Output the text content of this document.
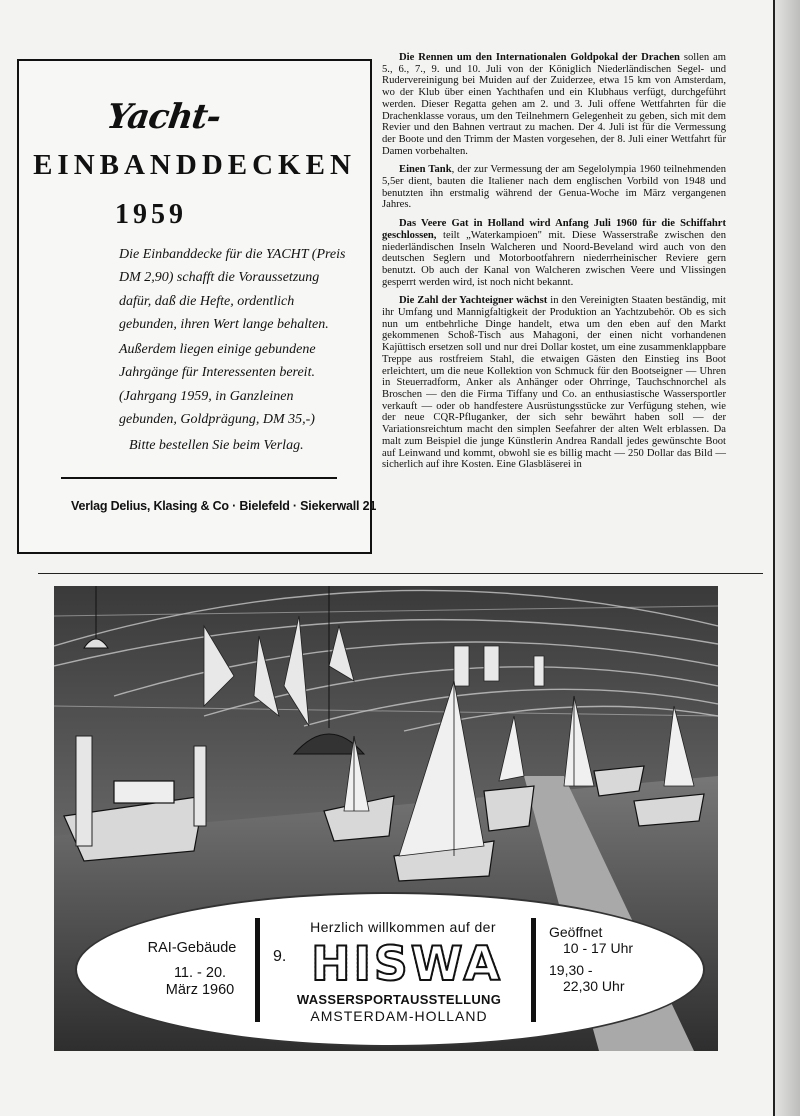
Yacht-
EINBANDDECKEN
1959
Die Einbanddecke für die YACHT (Preis DM 2,90) schafft die Voraussetzung dafür, daß die Hefte, ordentlich gebunden, ihren Wert lange behalten.
Außerdem liegen einige gebundene Jahrgänge für Interessenten bereit. (Jahrgang 1959, in Ganzleinen gebunden, Goldprägung, DM 35,-)
Bitte bestellen Sie beim Verlag.
Verlag Delius, Klasing & Co · Bielefeld · Siekerwall 21

Die Rennen um den Internationalen Goldpokal der Drachen sollen am 5., 6., 7., 9. und 10. Juli von der Königlich Niederländischen Segel- und Rudervereinigung bei Muiden auf der Zuiderzee, etwa 15 km von Amsterdam, wo der Klub über einen Yachthafen und ein Klubhaus verfügt, durchgeführt werden. Dieser Regatta gehen am 2. und 3. Juli offene Wettfahrten für die Drachenklasse voraus, um den Teilnehmern Gelegenheit zu geben, sich mit dem Revier und den Bahnen vertraut zu machen. Der 4. Juli ist für die Vermessung der Boote und den Trimm der Masten vorgesehen, der 8. Juli einer Wettfahrt für Damen vorbehalten.

Einen Tank, der zur Vermessung der am Segelolympia 1960 teilnehmenden 5,5er dient, bauten die Italiener nach dem englischen Vorbild von 1948 und benutzten ihn erstmalig während der Genua-Woche im März vergangenen Jahres.

Das Veere Gat in Holland wird Anfang Juli 1960 für die Schiffahrt geschlossen, teilt „Waterkampioen" mit. Diese Wasserstraße zwischen den niederländischen Inseln Walcheren und Noord-Beveland wird auch von den deutschen Seglern und Motorbootfahrern niederrheinischer Reviere gern benutzt. Ob auch der Kanal von Walcheren zwischen Veere und Vlissingen gesperrt werden wird, ist noch nicht bekannt.

Die Zahl der Yachteigner wächst in den Vereinigten Staaten beständig, mit ihr Umfang und Mannigfaltigkeit der Produktion an Yachtzubehör. Ob es sich nun um entbehrliche Dinge handelt, etwa um den eben auf den Markt gekommenen Schoß-Tisch aus Mahagoni, der einen nicht vorhandenen Kajüttisch ersetzen soll und nur drei Dollar kostet, um eine zusammenklappbare Treppe aus rostfreiem Stahl, die etwaigen Gästen den Einstieg ins Boot erleichtert, um die neue Kollektion von Schmuck für den Bootseigner — Uhren in Steuerradform, Anker als Anhänger oder Ohrringe, Tauchschnorchel als Broschen — den die Firma Tiffany und Co. an enthusiastische Wassersportler verkauft — oder ob handfestere Ausrüstungsstücke zur Verfügung stehen, wie der neue CQR-Pfluganker, der sich sehr bewährt haben soll — der Variationsreichtum macht den simplen Seefahrer der alten Welt erblassen. Da malt zum Beispiel die junge Künstlerin Andrea Randall jedes gewünschte Boot auf Leinwand und kommt, obwohl sie es billig macht — 250 Dollar das Bild — sicherlich auf ihre Kosten. Eine Glasbläserei in

RAI-Gebäude
11. - 20.
März 1960
Herzlich willkommen auf der
9. HISWA
WASSERSPORTAUSSTELLUNG
AMSTERDAM-HOLLAND
Geöffnet
10 - 17 Uhr
19,30 -
22,30 Uhr
